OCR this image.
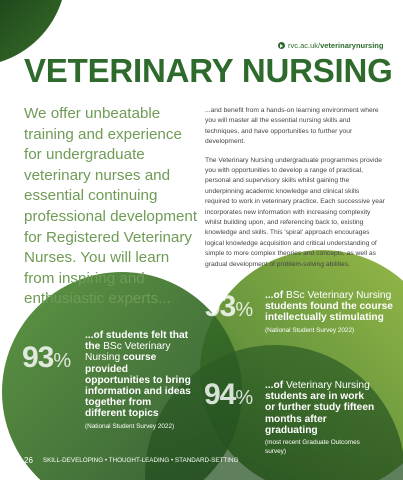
rvc.ac.uk/ veterinarynursing
VETERINARY NURSING
We offer unbeatable training and experience for undergraduate veterinary nurses and essential continuing professional development for Registered Veterinary Nurses. You will learn from inspiring and enthusiastic experts...

...and benefit from a hands-on learning environment where you will master all the essential nursing skills and techniques, and have opportunities to further your development.

The Veterinary Nursing undergraduate programmes provide you with opportunities to develop a range of practical, personal and supervisory skills whilst gaining the underpinning academic knowledge and clinical skills required to work in veterinary practice. Each successive year incorporates new information with increasing complexity whilst building upon, and referencing back to, existing knowledge and skills. This 'spiral' approach encourages logical knowledge acquisition and critical understanding of simple to more complex theories and concepts, as well as gradual development of problem-solving abilities.

93%
...of BSc Veterinary Nursing students found the course intellectually stimulating
(National Student Survey 2022)
93%
...of students felt that the BSc Veterinary Nursing course provided opportunities to bring information and ideas together from different topics
(National Student Survey 2022)
94%
...of Veterinary Nursing students are in work or further study fifteen months after graduating
(most recent Graduate Outcomes survey)
26 SKILL-DEVELOPING • THOUGHT-LEADING • STANDARD-SETTING
